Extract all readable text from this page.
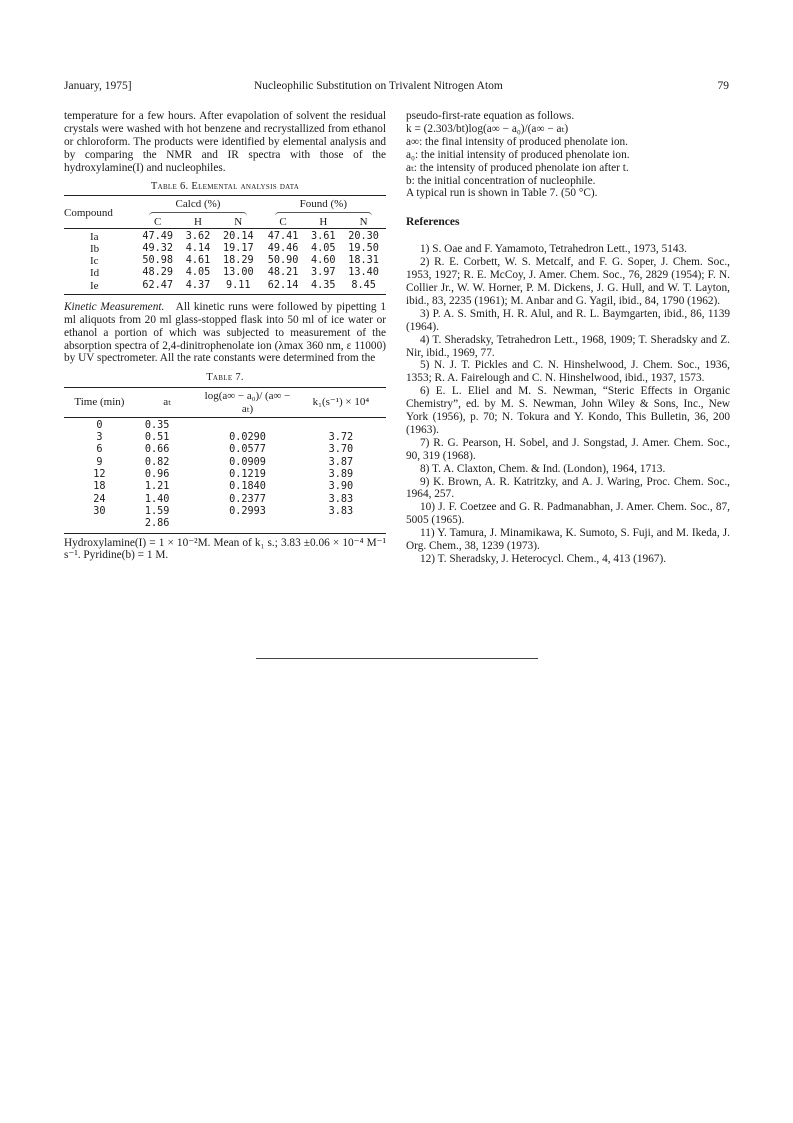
January, 1975]	Nucleophilic Substitution on Trivalent Nitrogen Atom	79

temperature for a few hours. After evapolation of solvent the residual crystals were washed with hot benzene and recrystallized from ethanol or chloroform. The products were identified by elemental analysis and by comparing the NMR and IR spectra with those of the hydroxylamine(I) and nucleophiles.

Table 6. Elemental analysis data
Compound	Calcd (%)			Found (%)		

	C	H	N	C	H	N
Ia	47.49	3.62	20.14	47.41	3.61	20.30
Ib	49.32	4.14	19.17	49.46	4.05	19.50
Ic	50.98	4.61	18.29	50.90	4.60	18.31
Id	48.29	4.05	13.00	48.21	3.97	13.40
Ie	62.47	4.37	9.11	62.14	4.35	8.45

Kinetic Measurement. All kinetic runs were followed by pipetting 1 ml aliquots from 20 ml glass-stopped flask into 50 ml of ice water or ethanol a portion of which was subjected to measurement of the absorption spectra of 2,4-dinitrophenolate ion (λmax 360 nm, ε 11000) by UV spectrometer. All the rate constants were determined from the

Table 7.
Time (min)	aₜ	log(a∞ − a₀)/ (a∞ − aₜ)	k₁(s⁻¹) × 10⁴
0	0.35		
3	0.51	0.0290	3.72
6	0.66	0.0577	3.70
9	0.82	0.0909	3.87
12	0.96	0.1219	3.89
18	1.21	0.1840	3.90
24	1.40	0.2377	3.83
30	1.59	0.2993	3.83
	2.86		

Hydroxylamine(I) = 1 × 10⁻²M. Mean of k₁ s.; 3.83 ±0.06 × 10⁻⁴ M⁻¹ s⁻¹. Pyridine(b) = 1 M.

pseudo-first-rate equation as follows.

k = (2.303/bt)log(a∞ − a₀)/(a∞ − aₜ)

a∞: the final intensity of produced phenolate ion.

a₀: the initial intensity of produced phenolate ion.

aₜ: the intensity of produced phenolate ion after t.

b: the initial concentration of nucleophile.

A typical run is shown in Table 7. (50 °C).

References

1) S. Oae and F. Yamamoto, Tetrahedron Lett., 1973, 5143.

2) R. E. Corbett, W. S. Metcalf, and F. G. Soper, J. Chem. Soc., 1953, 1927; R. E. McCoy, J. Amer. Chem. Soc., 76, 2829 (1954); F. N. Collier Jr., W. W. Horner, P. M. Dickens, J. G. Hull, and W. T. Layton, ibid., 83, 2235 (1961); M. Anbar and G. Yagil, ibid., 84, 1790 (1962).

3) P. A. S. Smith, H. R. Alul, and R. L. Baymgarten, ibid., 86, 1139 (1964).

4) T. Sheradsky, Tetrahedron Lett., 1968, 1909; T. Sheradsky and Z. Nir, ibid., 1969, 77.

5) N. J. T. Pickles and C. N. Hinshelwood, J. Chem. Soc., 1936, 1353; R. A. Fairelough and C. N. Hinshelwood, ibid., 1937, 1573.

6) E. L. Eliel and M. S. Newman, “Steric Effects in Organic Chemistry”, ed. by M. S. Newman, John Wiley & Sons, Inc., New York (1956), p. 70; N. Tokura and Y. Kondo, This Bulletin, 36, 200 (1963).

7) R. G. Pearson, H. Sobel, and J. Songstad, J. Amer. Chem. Soc., 90, 319 (1968).

8) T. A. Claxton, Chem. & Ind. (London), 1964, 1713.

9) K. Brown, A. R. Katritzky, and A. J. Waring, Proc. Chem. Soc., 1964, 257.

10) J. F. Coetzee and G. R. Padmanabhan, J. Amer. Chem. Soc., 87, 5005 (1965).

11) Y. Tamura, J. Minamikawa, K. Sumoto, S. Fuji, and M. Ikeda, J. Org. Chem., 38, 1239 (1973).

12) T. Sheradsky, J. Heterocycl. Chem., 4, 413 (1967).
